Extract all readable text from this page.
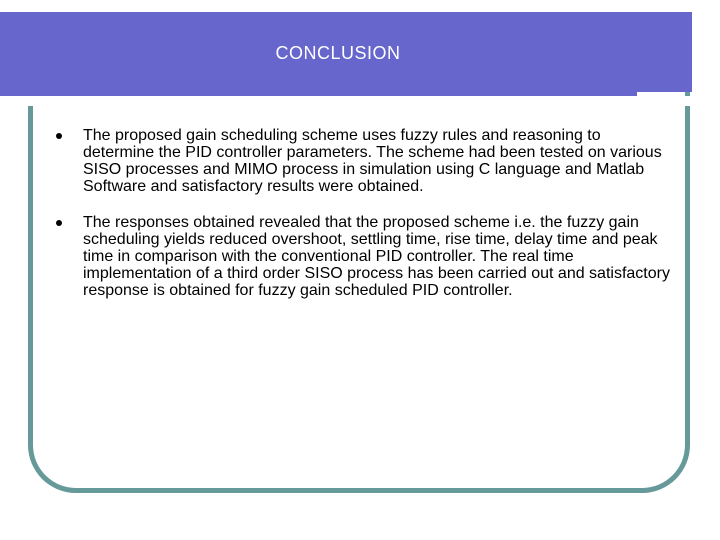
CONCLUSION
The proposed gain scheduling scheme uses fuzzy rules and reasoning to determine the PID controller parameters. The scheme had been tested on various SISO processes and MIMO process in simulation using C language and Matlab Software and satisfactory results were obtained.
The responses obtained revealed that the proposed scheme i.e. the fuzzy gain scheduling yields reduced overshoot, settling time, rise time, delay time and peak time in comparison with the conventional PID controller. The real time implementation of a third order SISO process has been carried out and satisfactory response is obtained for fuzzy gain scheduled PID controller.
